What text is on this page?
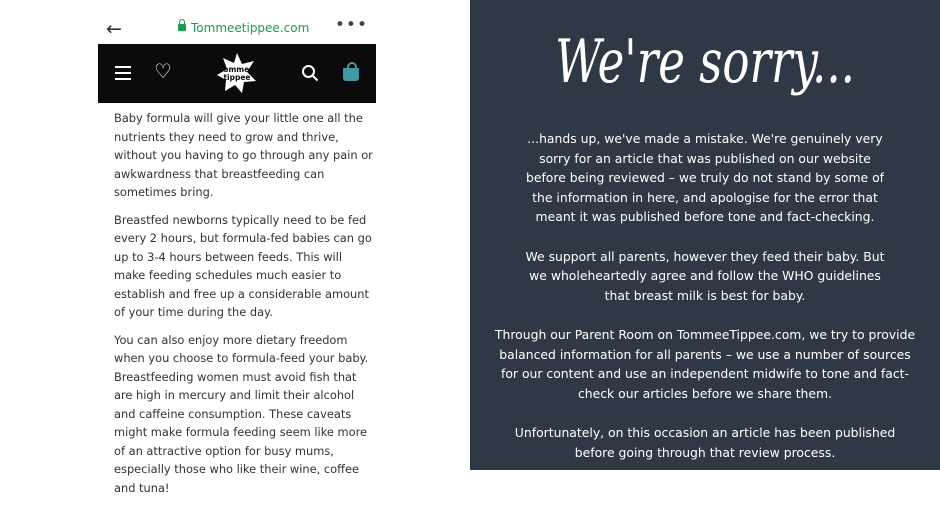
←	Tommeetippee.com •••
♡	tommee
tippee

Baby formula will give your little one all the nutrients they need to grow and thrive, without you having to go through any pain or awkwardness that breastfeeding can sometimes bring.

Breastfed newborns typically need to be fed every 2 hours, but formula-fed babies can go up to 3-4 hours between feeds. This will make feeding schedules much easier to establish and free up a considerable amount of your time during the day.

You can also enjoy more dietary freedom when you choose to formula-feed your baby. Breastfeeding women must avoid fish that are high in mercury and limit their alcohol and caffeine consumption. These caveats might make formula feeding seem like more of an attractive option for busy mums, especially those who like their wine, coffee and tuna!

We're sorry...

...hands up, we've made a mistake. We're genuinely very sorry for an article that was published on our website before being reviewed – we truly do not stand by some of the information in here, and apologise for the error that meant it was published before tone and fact-checking.

We support all parents, however they feed their baby. But we wholeheartedly agree and follow the WHO guidelines that breast milk is best for baby.

Through our Parent Room on TommeeTippee.com, we try to provide balanced information for all parents – we use a number of sources for our content and use an independent midwife to tone and fact-check our articles before we share them.

Unfortunately, on this occasion an article has been published before going through that review process.
